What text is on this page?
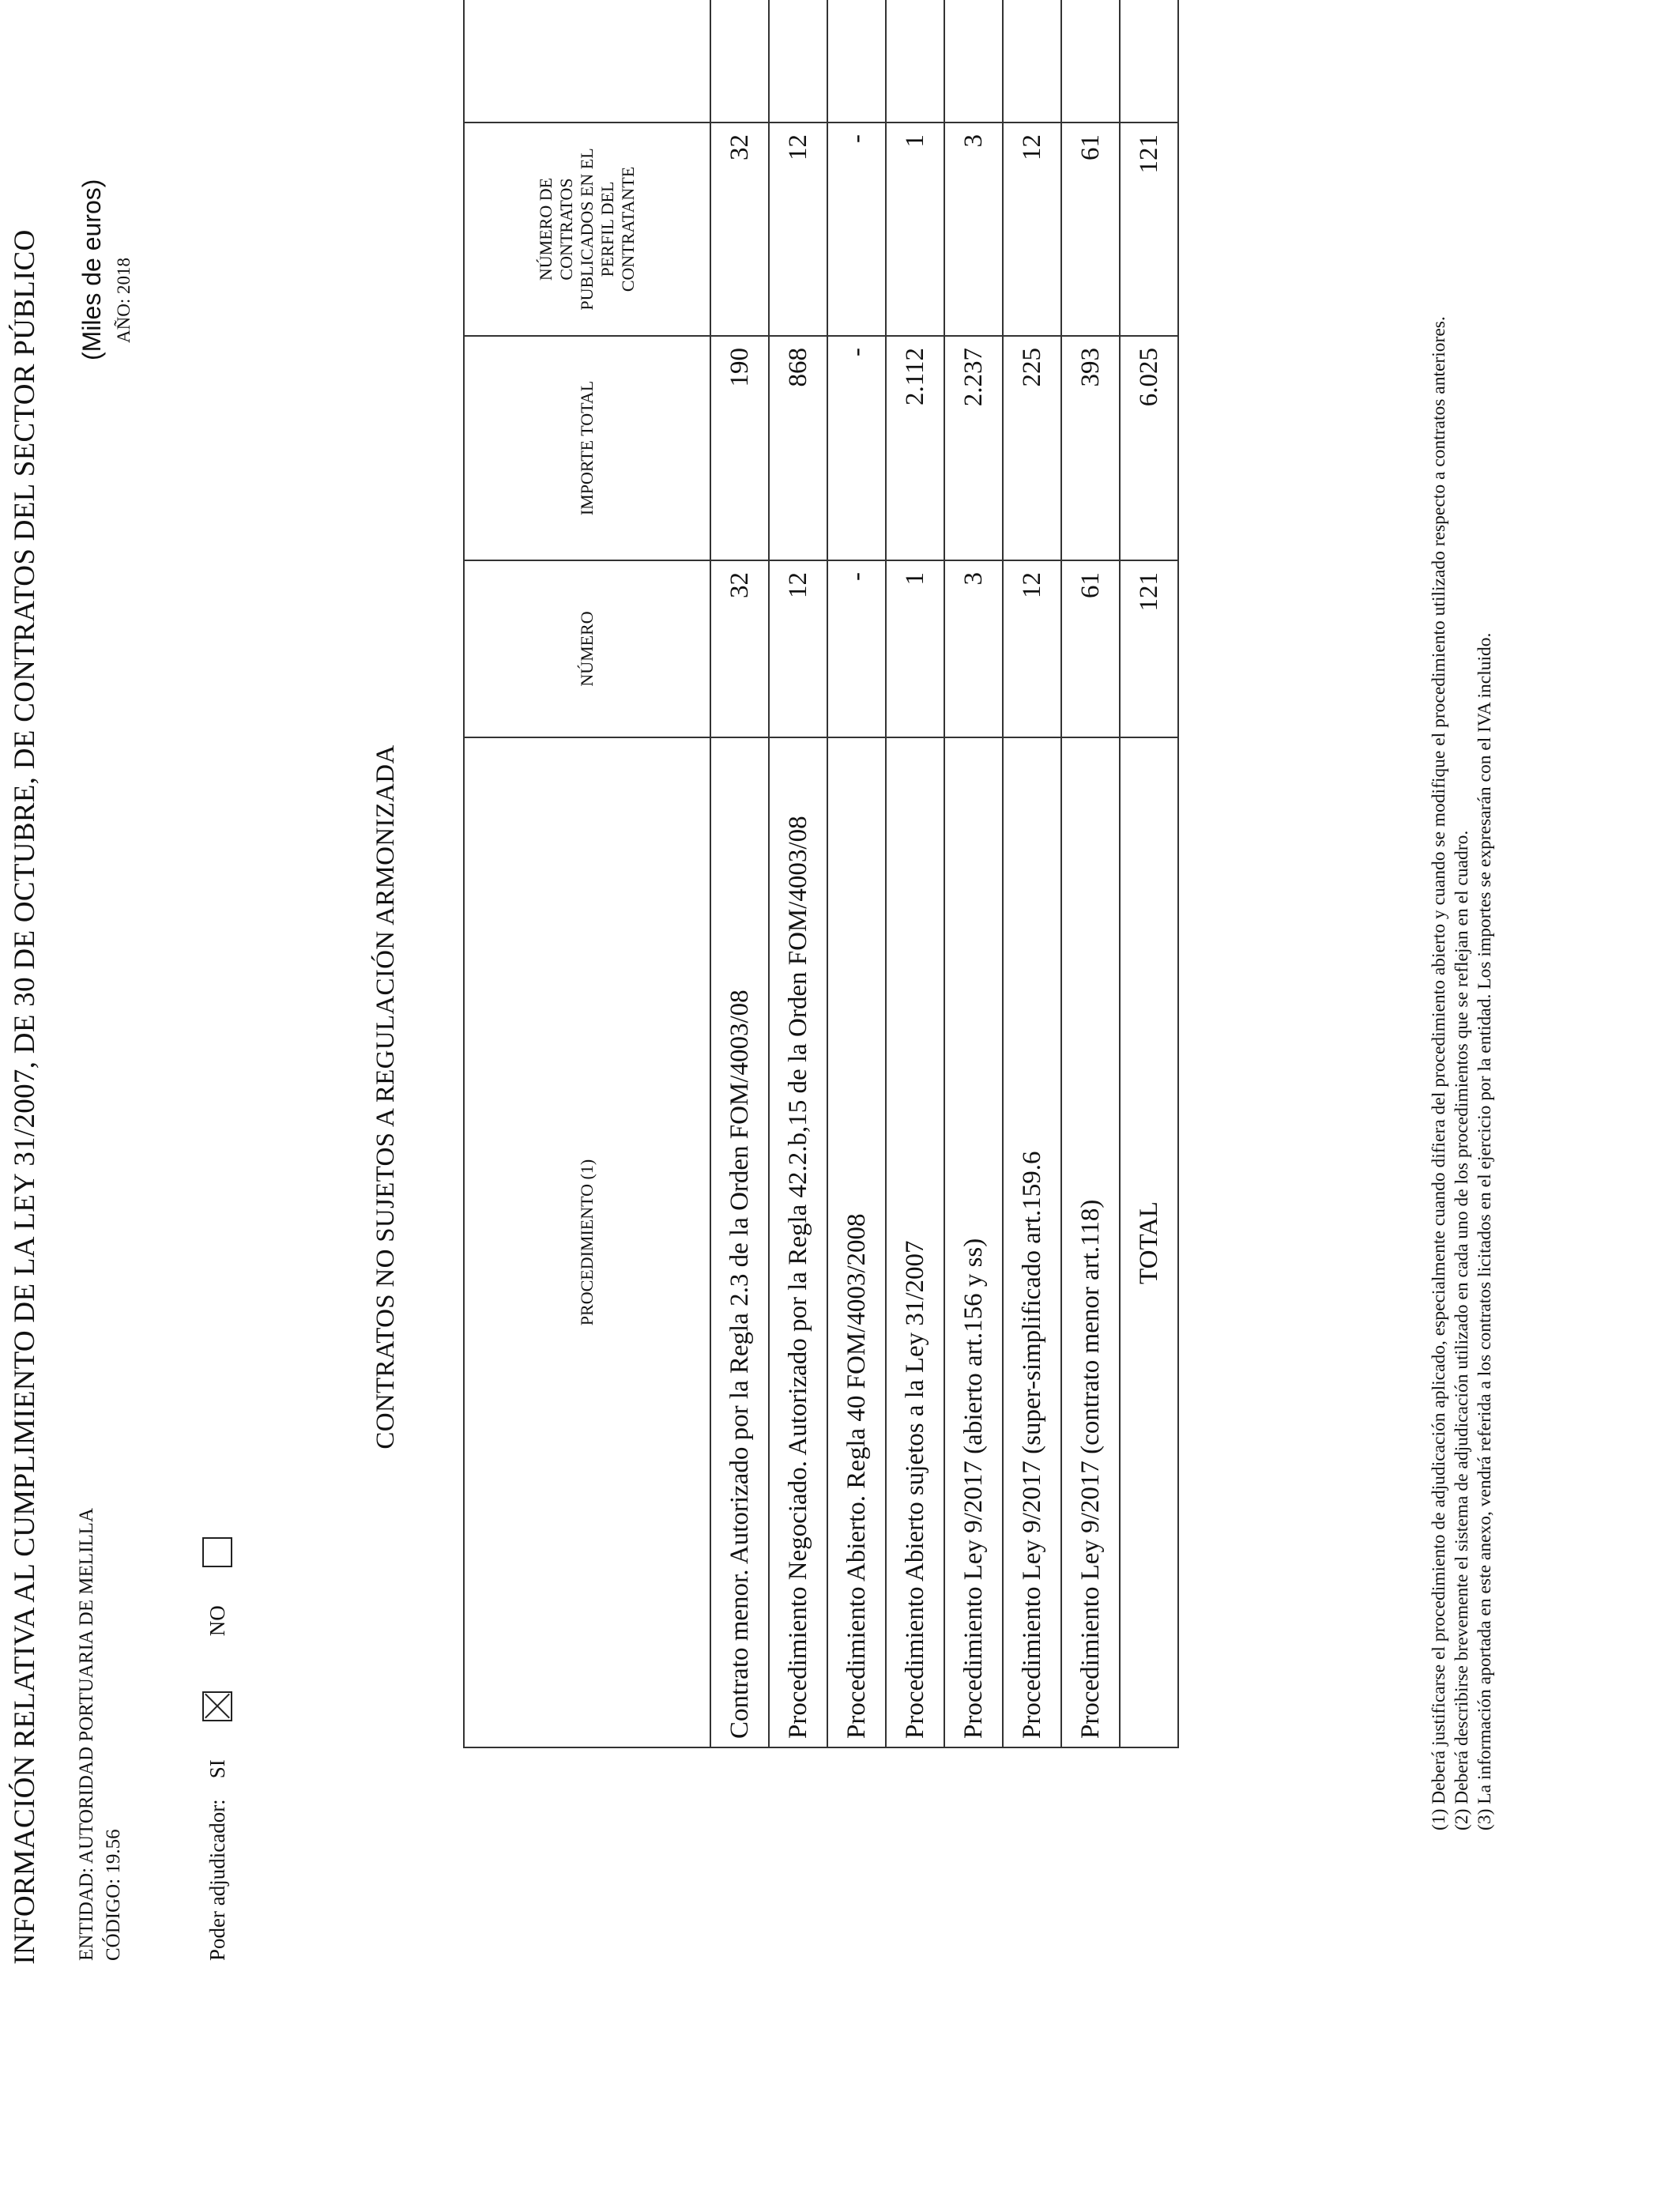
INFORMACIÓN RELATIVA AL CUMPLIMIENTO DE LA LEY 31/2007, DE 30 DE OCTUBRE, DE CONTRATOS DEL SECTOR PÚBLICO ENTIDAD: AUTORIDAD PORTUARIA DE MELILLA CÓDIGO: 19.56
(Miles de euros) AÑO: 2018
Poder adjudicador:
SI
NO
CONTRATOS NO SUJETOS A REGULACIÓN ARMONIZADA	PROCEDIMIENTO (1)	NÚMERO	IMPORTE TOTAL	NÚMERO DE CONTRATOS PUBLICADOS EN EL PERFIL DEL CONTRATANTE	
Contrato menor. Autorizado por la Regla 2.3 de la Orden FOM/4003/08	32	190	32	
Procedimiento Negociado. Autorizado por la Regla 42.2.b,15 de la Orden FOM/4003/08	12	868	12	
Procedimiento Abierto. Regla 40 FOM/4003/2008	-	-	-	
Procedimiento Abierto sujetos a la Ley 31/2007	1	2.112	1	
Procedimiento Ley 9/2017 (abierto art.156 y ss)	3	2.237	3	
Procedimiento Ley 9/2017 (super-simplificado art.159.6	12	225	12	
Procedimiento Ley 9/2017 (contrato menor art.118)	61	393	61	
TOTAL	121	6.025	121	
(1) Deberá justificarse el procedimiento de adjudicación aplicado, especialmente cuando difiera del procedimiento abierto y cuando se modifique el procedimiento utilizado respecto a contratos anteriores. (2) Deberá describirse brevemente el sistema de adjudicación utilizado en cada uno de los procedimientos que se reflejan en el cuadro. (3) La información aportada en este anexo, vendrá referida a los contratos licitados en el ejercicio por la entidad. Los importes se expresarán con el IVA incluido.
